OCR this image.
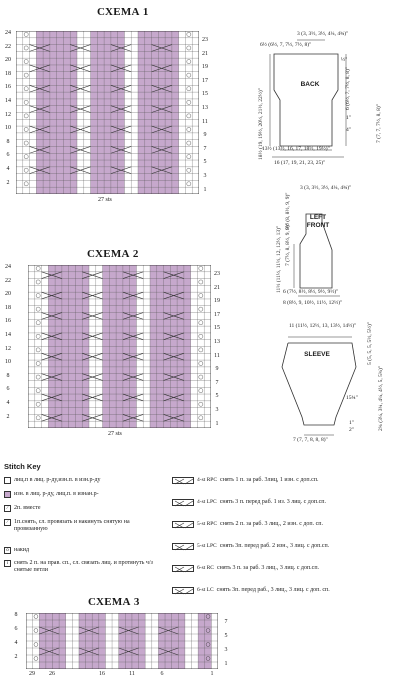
СХЕМА 1
24
22
20
18
16
14
12
10
8
6
4
2
23
21
19
17
15
13
11
9
7
5
3
1
27 sts
СХЕМА 2
24
22
20
18
16
14
12
10
8
6
4
2
23
21
19
17
15
13
11
9
7
5
3
1
27 sts
3 (3, 3½, 3½, 4¼, 4¾)"
6½ (6½, 7, 7½, 7½, 8)"
½"
BACK
18½ (19, 19½, 20½, 21½, 22½)"	6 (6½, 7, 7½, 8, 8)"
1"
4"	7 (7, 7, 7½, 8, 8)"
13½ (13½, 16, 17, 18½, 19½)"
16 (17, 19, 21, 23, 25)"
3 (3, 3½, 3½, 4¼, 4¾)"
8½ (8, 8½, 9, 9)"	LEFT
FRONT
7 (7½, 8, 8½, 9, 9)"
11½ (11½, 11½, 12, 12½, 13)" 6 (7½, 8½, 8½, 9½, 9½)"
8 (8½, 9, 10½, 11½, 12½)"
11 (11½, 12½, 13, 13½, 14½)" 5 (5, 5, 5, 5½, 5½)"
SLEEVE
15¾"	2¾ (3¼, 3¾, 4¼, 4½, 5, 5¾)"
1"
2"
7 (7, 7, 8, 8, 8)"
Stitch Key
лиц.п в лиц. р-ду,изн.п. в изн.р-ду
изн. в лиц. р-ду, лиц.п. в изнан.р-
⁄	2п. вместе
⁄	1п.снять, сл. провязать и накинуть снятую на провязанную
o накид
i снять 2 п. на прав. сп., сл. связать лиц. и протянуть ч/з снятые петли
4-st RPC снять 1 п. за раб. 3лиц, 1 изн. с доп.сп.
4-st LPC снять 3 п. перед раб. 1 из. 3 лиц. с доп.сп.
5-st RPC снять 2 п. за раб. 3 лиц., 2 изн. с доп. сп.
5-st LPC снять 3п. перед раб. 2 изн., 3 лиц. с доп.сп.
6-st RC снять 3 п. за раб. 3 лиц., 3 лиц. с доп.сп.
6-st LC снять 3п. перед раб., 3 лиц., 3 лиц. с доп. сп.
СХЕМА 3
8
6
4
2
7
5
3
1
29	26	16	11	6	1
